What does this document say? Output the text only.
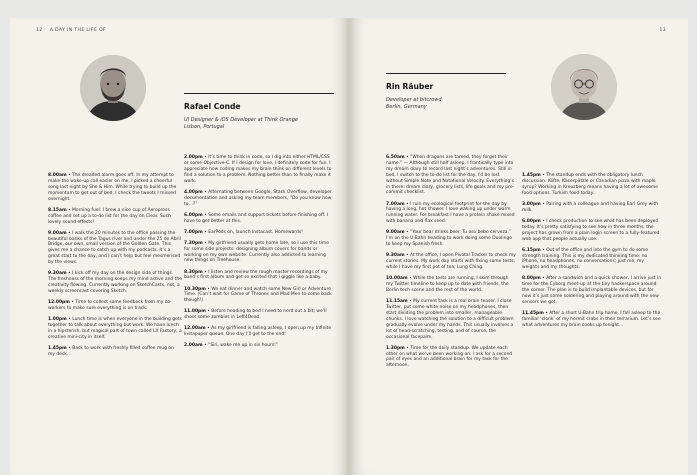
12 A DAY IN THE LIFE OF
Rafael Conde
UI Designer & iOS Developer at Think Orange
Lisbon, Portugal
8.00am • The dreaded alarm goes off. In my attempt to make the wake-up call easier on me, I picked a cheerful song last night by She & Him. While trying to build up the momentum to get out of bed, I check the tweets I missed overnight.
8.15am • Morning fuel: I brew a nice cup of Aeropress coffee and set up a to-do list for the day on Clear. Such lovely sound effects!
9.00am • I walk the 20 minutes to the office passing the beautiful banks of the Tagus river and under the 25 de Abril Bridge, our own, small version of the Golden Gate. This gives me a chance to catch up with my podcasts. It’s a great start to the day, and I can’t help but feel mesmerised by the views.
9.30am • I kick off my day on the design side of things. The freshness of the morning keeps my mind active and the creativity flowing. Currently working on SketchCasts, not, a weekly screencast covering Sketch.
12.00pm • Time to collect some feedback from my co-workers to make sure everything is on track.
1.00pm • Lunch time is when everyone in the building gets together to talk about everything but work. We have lunch in a hipsterish, but magical part of town called LX Factory, a creative mini-city in itself.
1.45pm • Back to work with freshly filled coffee mug on my desk.
2.00pm • It’s time to think in code, so I dig into either HTML/CSS or some Objective-C. If I design for love, I definitely code for fun. I appreciate how coding makes my brain think on different levels to find a solution to a problem. Nothing better than to finally make it work.
4.00pm • Alternating between Google, Stack Overflow, developer documentation and asking my team members, “Do you know how to…?”
6.00pm • Some emails and support tickets before finishing off. I have to get better at this.
7.00pm • EarPods on, launch Instacast. Homewards!
7.30pm • My girlfriend usually gets home late, so I use this time for some side projects: designing album covers for bands or working on my own website. Currently also addicted to learning new things on Treehouse.
8.30pm • I listen and review the rough master recordings of my band’s first album and get so excited that I giggle like a baby.
10.30pm • We eat dinner and watch some New Girl or Adventure Time. (Can’t wait for Game of Thrones and Mad Men to come back though!)
11.00pm • Before heading to bed I need to nerd out a bit; we’ll shoot some zombies in Left4Dead.
12.00am • As my girlfriend is falling asleep, I open up my Infinite Instapaper queue. One day I’ll get to the end!
2.00am • “Siri, wake me up in six hours!”
13
Rin Räuber
Developer at bitcrowd
Berlin, Germany
6.50am • “When dragons are tamed, they forget their name.” — Although still half asleep, I frantically type into my dream diary to record last night’s adventures. Still in bed, I switch to the to-do list for the day. I’d be lost without Simple Note and Notational Velocity. Everything’s in there: dream diary, grocery lists, life goals and my pre-commit checklist.
7.00am • I ruin my ecological footprint for the day by having a long, hot shower. I love waking up under warm running water. For breakfast I have a protein shake mixed with banana and flax seed.
9.00am • “Your bear drinks beer. Tu oso bebe cerveza.” I’m on the U-Bahn heading to work doing some Duolingo to keep my Spanish fresh.
9.30am • At the office, I open Pivotal Tracker to check my current stories. My work day starts with fixing some tests, while I have my first pot of tea; Lung Ching.
10.00am • While the tests are running, I skim through my Twitter timeline to keep up to date with friends, the Berlin tech scene and the rest of the world.
11.15am • My current task is a real brain teaser. I close Twitter, put some white noise on my headphones, then start dividing the problem into smaller, manageable chunks. I love watching the solution to a difficult problem gradually evolve under my hands. This usually involves a lot of head-scratching, testing, and of course, the occasional facepalm.
1.30pm • Time for the daily standup. We update each other on what we’ve been working on. I ask for a second pair of eyes and an additional brain for my task for the afternoon.
1.45pm • The standup ends with the obligatory lunch discussion. Köfte, Käsespätzle or Canadian pizza with maple syrup? Working in Kreuzberg means having a lot of awesome food options. Turkish food today.
3.00pm • Pairing with a colleague and having Earl Grey with milk.
6.00pm • I check production to see what has been deployed today. It’s pretty satisfying to see how in three months, the project has grown from a plain login screen to a fully-featured web app that people actually use.
6.15pm • Out of the office and into the gym to do some strength training. This is my dedicated thinking time: no iPhone, no headphones, no conversations; just me, my weights and my thoughts.
8.00pm • After a sandwich and a quick shower, I arrive just in time for the Cyborg meet-up at the tiny hackerspace around the corner. The plan is to build implantable devices, but for now it’s just some soldering and playing around with the new sensors we got.
11.45pm • After a short U-Bahn trip home, I fall asleep to the familiar ‘clonk’ of my hermit crabs in their terrarium. Let’s see what adventures my brain cooks up tonight…
